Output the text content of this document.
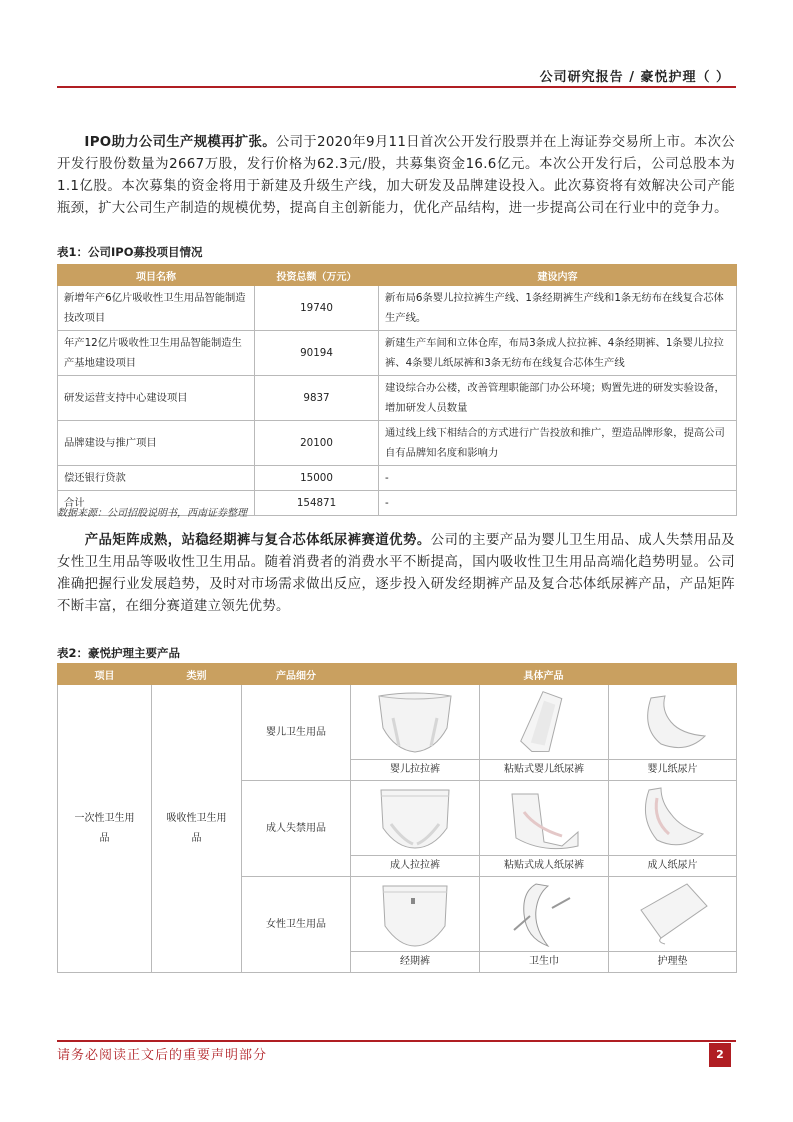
公司研究报告 / 豪悦护理（ ）
　　IPO助力公司生产规模再扩张。公司于2020年9月11日首次公开发行股票并在上海证券交易所上市。本次公开发行股份数量为2667万股，发行价格为62.3元/股，共募集资金16.6亿元。本次公开发行后，公司总股本为1.1亿股。本次募集的资金将用于新建及升级生产线，加大研发及品牌建设投入。此次募资将有效解决公司产能瓶颈，扩大公司生产制造的规模优势，提高自主创新能力，优化产品结构，进一步提高公司在行业中的竞争力。
表1：公司IPO募投项目情况
项目名称	投资总额（万元）	建设内容
新增年产6亿片吸收性卫生用品智能制造技改项目	19740	新布局6条婴儿拉拉裤生产线、1条经期裤生产线和1条无纺布在线复合芯体生产线。
年产12亿片吸收性卫生用品智能制造生产基地建设项目	90194	新建生产车间和立体仓库，布局3条成人拉拉裤、4条经期裤、1条婴儿拉拉裤、4条婴儿纸尿裤和3条无纺布在线复合芯体生产线
研发运营支持中心建设项目	9837	建设综合办公楼，改善管理职能部门办公环境；购置先进的研发实验设备，增加研发人员数量
品牌建设与推广项目	20100	通过线上线下相结合的方式进行广告投放和推广，塑造品牌形象，提高公司自有品牌知名度和影响力
偿还银行贷款	15000	-
合计	154871	-
数据来源：公司招股说明书，西南证券整理
　　产品矩阵成熟，站稳经期裤与复合芯体纸尿裤赛道优势。公司的主要产品为婴儿卫生用品、成人失禁用品及女性卫生用品等吸收性卫生用品。随着消费者的消费水平不断提高，国内吸收性卫生用品高端化趋势明显。公司准确把握行业发展趋势，及时对市场需求做出反应，逐步投入研发经期裤产品及复合芯体纸尿裤产品，产品矩阵不断丰富，在细分赛道建立领先优势。
表2：豪悦护理主要产品
项目	类别	产品细分	具体产品		
一次性卫生用品	吸收性卫生用品	婴儿卫生用品	

			婴儿拉拉裤	粘贴式婴儿纸尿裤	婴儿纸尿片
		成人失禁用品	

			成人拉拉裤	粘贴式成人纸尿裤	成人纸尿片
		女性卫生用品	

			经期裤	卫生巾	护理垫
请务必阅读正文后的重要声明部分	2
